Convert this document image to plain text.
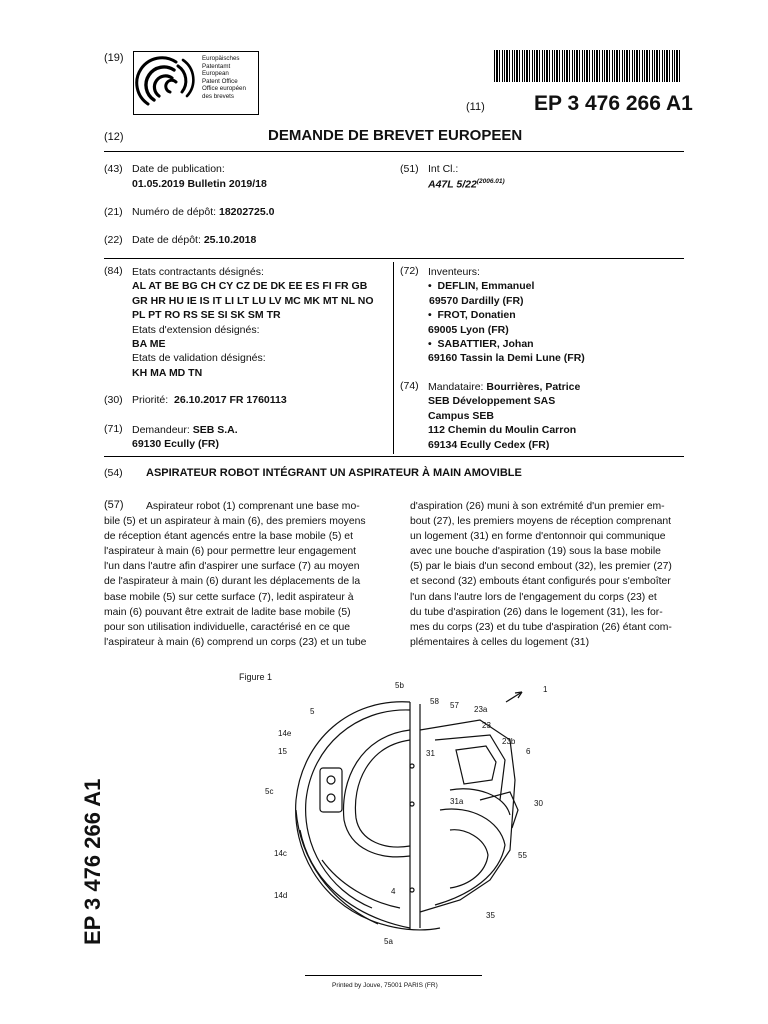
(19)	Europäisches
Patentamt
European
Patent Office
Office européen
des brevets
(11) EP 3 476 266 A1
(12)	DEMANDE DE BREVET EUROPEEN
(43) Date de publication:
01.05.2019 Bulletin 2019/18
(21) Numéro de dépôt: 18202725.0
(22) Date de dépôt: 25.10.2018
(84) Etats contractants désignés:
AL AT BE BG CH CY CZ DE DK EE ES FI FR GB
GR HR HU IE IS IT LI LT LU LV MC MK MT NL NO
PL PT RO RS SE SI SK SM TR
Etats d'extension désignés:
BA ME
Etats de validation désignés:
KH MA MD TN
(30) Priorité: 26.10.2017 FR 1760113
(71) Demandeur: SEB S.A.
69130 Ecully (FR)
(51) Int Cl.:
A47L $5/22^{(2006.01)}$
(72) Inventeurs:
•  DEFLIN, Emmanuel
69570 Dardilly (FR)
•  FROT, Donatien
69005 Lyon (FR)
•  SABATTIER, Johan
69160 Tassin la Demi Lune (FR)
(74) Mandataire: Bourrières, Patrice
SEB Développement SAS
Campus SEB
112 Chemin du Moulin Carron
69134 Ecully Cedex (FR)
(54) ASPIRATEUR ROBOT INTÉGRANT UN ASPIRATEUR À MAIN AMOVIBLE
(57)	Aspirateur robot (1) comprenant une base mo-
bile (5) et un aspirateur à main (6), des premiers moyens
de réception étant agencés entre la base mobile (5) et
l'aspirateur à main (6) pour permettre leur engagement
l'un dans l'autre afin d'aspirer une surface (7) au moyen
de l'aspirateur à main (6) durant les déplacements de la
base mobile (5) sur cette surface (7), ledit aspirateur à
main (6) pouvant être extrait de ladite base mobile (5)
pour son utilisation individuelle, caractérisé en ce que
l'aspirateur à main (6) comprend un corps (23) et un tube
d'aspiration (26) muni à son extrémité d'un premier em-
bout (27), les premiers moyens de réception comprenant
un logement (31) en forme d'entonnoir qui communique
avec une bouche d'aspiration (19) sous la base mobile
(5) par le biais d'un second embout (32), les premier (27)
et second (32) embouts étant configurés pour s'emboîter
l'un dans l'autre lors de l'engagement du corps (23) et
du tube d'aspiration (26) dans le logement (31), les for-
mes du corps (23) et du tube d'aspiration (26) étant com-
plémentaires à celles du logement (31)
Figure 1
1
5
5b
58 57 23a
23
14e
15	31
23b
6
5c
31a	30
14c	55
14d	4
35
5a
EP 3 476 266 A1
Printed by Jouve, 75001 PARIS (FR)
